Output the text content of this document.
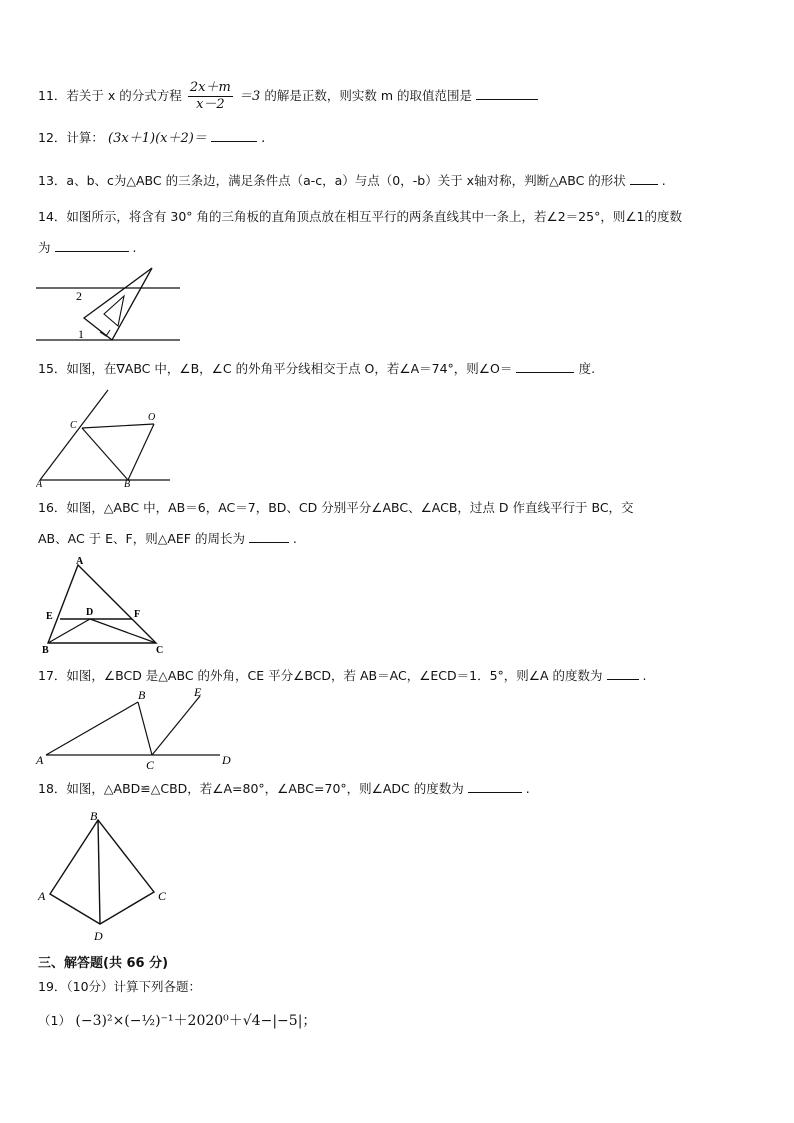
11．若关于 x 的分式方程 $\frac{2x+m}{x-2} =3$ 的解是正数，则实数 m 的取值范围是
12．计算： (3x＋1)(x＋2)＝	.
13．a、b、c为△ABC 的三条边，满足条件点（a-c，a）与点（0，-b）关于 x轴对称，判断△ABC 的形状	.
14．如图所示，将含有 30° 角的三角板的直角顶点放在相互平行的两条直线其中一条上，若∠2＝25°，则∠1的度数
为	.
2
1
15．如图，在∇ABC 中，∠B，∠C 的外角平分线相交于点 O，若∠A＝74°，则∠O＝	度.
C
O
A	B
16．如图，△ABC 中，AB＝6，AC＝7，BD、CD 分别平分∠ABC、∠ACB，过点 D 作直线平行于 BC，交
AB、AC 于 E、F，则△AEF 的周长为	.
A
E	D	F
B	C
17．如图，∠BCD 是△ABC 的外角，CE 平分∠BCD，若 AB＝AC，∠ECD＝1．5°，则∠A 的度数为	.
A
B
C	D
E
18．如图，△ABD≌△CBD，若∠A=80°，∠ABC=70°，则∠ADC 的度数为	.
B
A	C
D
三、解答题(共 66 分)
19．（10分）计算下列各题：
（1） (−3)²×(−½)⁻¹＋2020⁰＋√4−|−5|；
